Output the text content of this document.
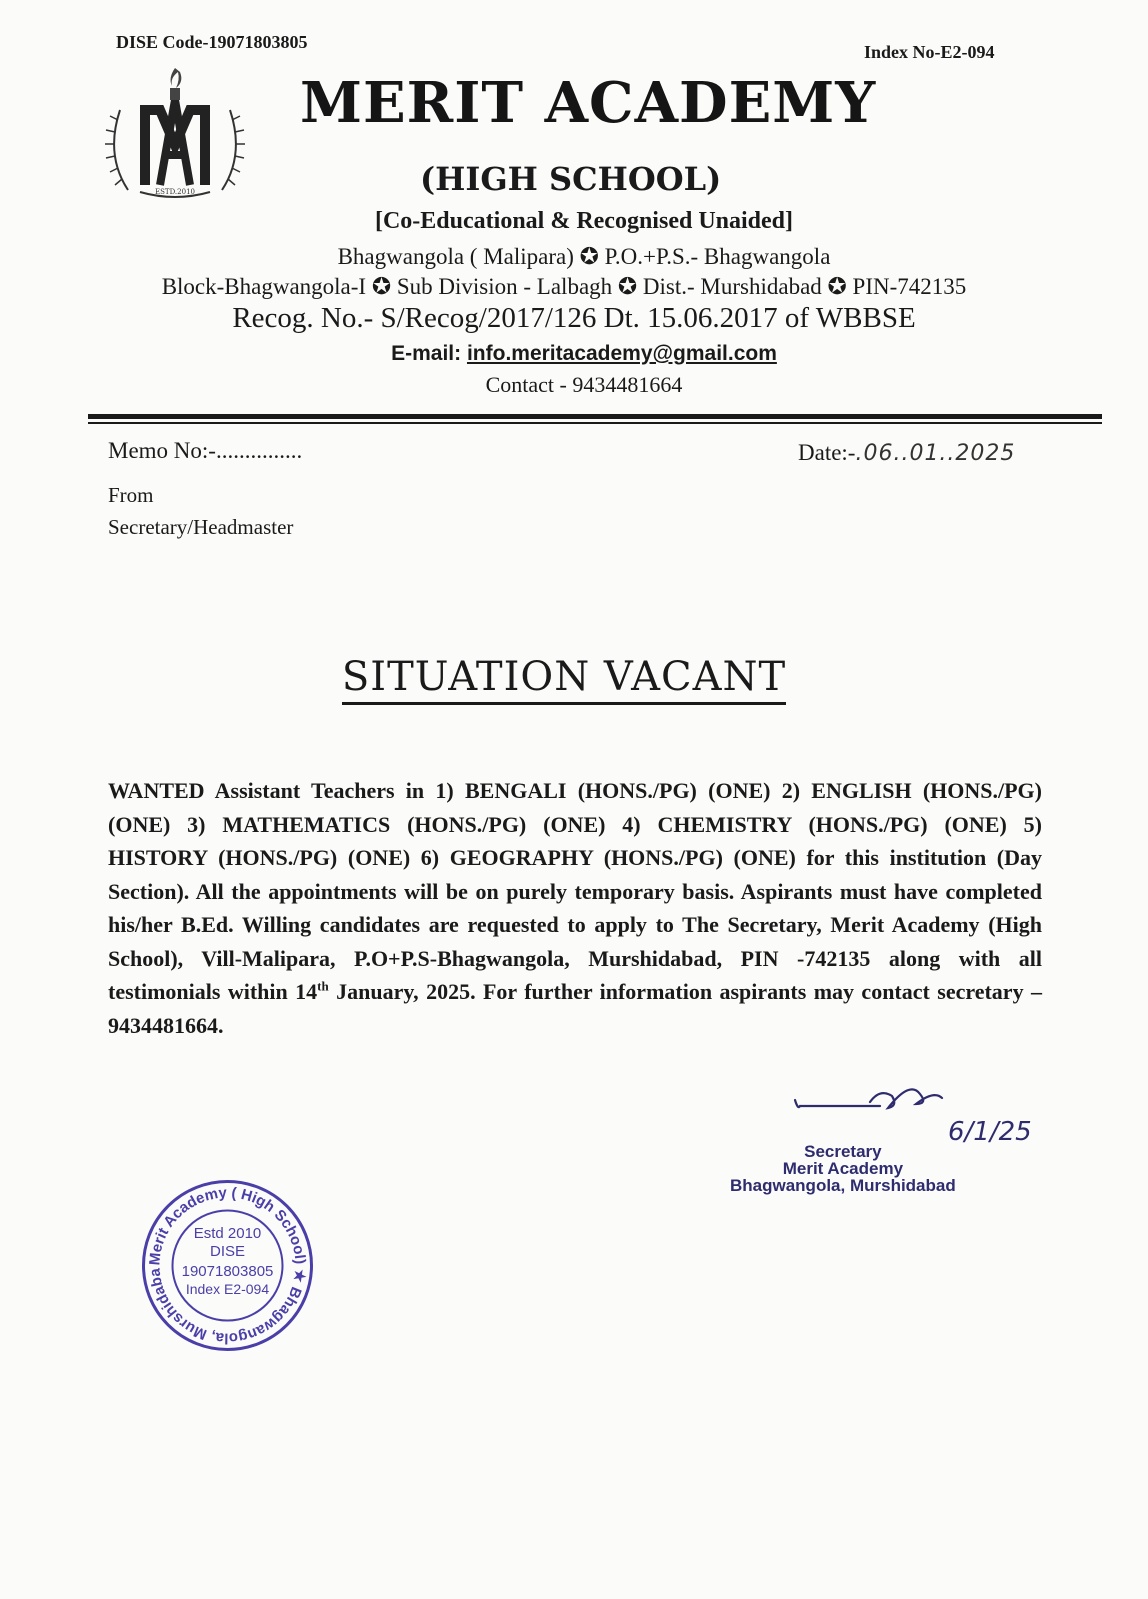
DISE Code-19071803805	Index No-E2-094
ESTD.2010
MERIT ACADEMY
(HIGH SCHOOL)
[Co-Educational & Recognised Unaided]
Bhagwangola ( Malipara) ✪ P.O.+P.S.- Bhagwangola
Block-Bhagwangola-I ✪ Sub Division - Lalbagh ✪ Dist.- Murshidabad ✪ PIN-742135
Recog. No.- S/Recog/2017/126 Dt. 15.06.2017 of WBBSE
E-mail: info.meritacademy@gmail.com
Contact - 9434481664
Memo No:-...............	Date:-.06..01..2025
From
Secretary/Headmaster
SITUATION VACANT
WANTED Assistant Teachers in 1) BENGALI (HONS./PG) (ONE) 2) ENGLISH (HONS./PG) (ONE) 3) MATHEMATICS (HONS./PG) (ONE) 4) CHEMISTRY (HONS./PG) (ONE) 5) HISTORY (HONS./PG) (ONE) 6) GEOGRAPHY (HONS./PG) (ONE) for this institution (Day Section). All the appointments will be on purely temporary basis. Aspirants must have completed his/her B.Ed. Willing candidates are requested to apply to The Secretary, Merit Academy (High School), Vill-Malipara, P.O+P.S-Bhagwangola, Murshidabad, PIN -742135 along with all testimonials within 14th January, 2025. For further information aspirants may contact secretary – 9434481664.
6/1/25
Secretary
Merit Academy
Bhagwangola, Murshidabad
Merit Academy ( High School) ★ Bhagwangola, Murshidaba
Estd 2010
DISE
19071803805
Index E2-094
